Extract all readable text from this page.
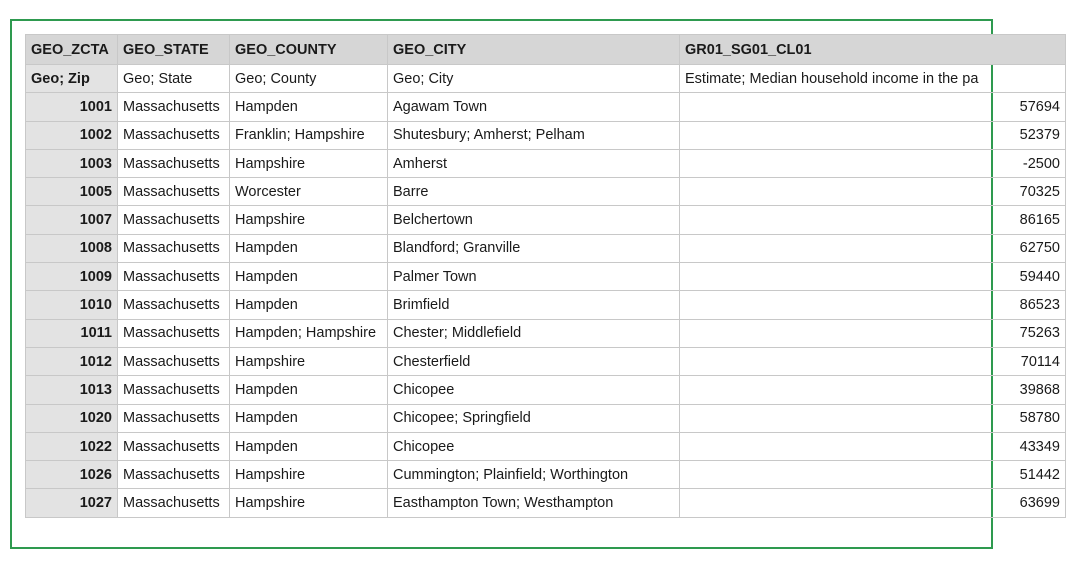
GEO_ZCTA	GEO_STATE	GEO_COUNTY	GEO_CITY	GR01_SG01_CL01
Geo; Zip	Geo; State	Geo; County	Geo; City	Estimate; Median household income in the pa
1001	Massachusetts	Hampden	Agawam Town	57694
1002	Massachusetts	Franklin; Hampshire	Shutesbury; Amherst; Pelham	52379
1003	Massachusetts	Hampshire	Amherst	-2500
1005	Massachusetts	Worcester	Barre	70325
1007	Massachusetts	Hampshire	Belchertown	86165
1008	Massachusetts	Hampden	Blandford; Granville	62750
1009	Massachusetts	Hampden	Palmer Town	59440
1010	Massachusetts	Hampden	Brimfield	86523
1011	Massachusetts	Hampden; Hampshire	Chester; Middlefield	75263
1012	Massachusetts	Hampshire	Chesterfield	70114
1013	Massachusetts	Hampden	Chicopee	39868
1020	Massachusetts	Hampden	Chicopee; Springfield	58780
1022	Massachusetts	Hampden	Chicopee	43349
1026	Massachusetts	Hampshire	Cummington; Plainfield; Worthington	51442
1027	Massachusetts	Hampshire	Easthampton Town; Westhampton	63699
